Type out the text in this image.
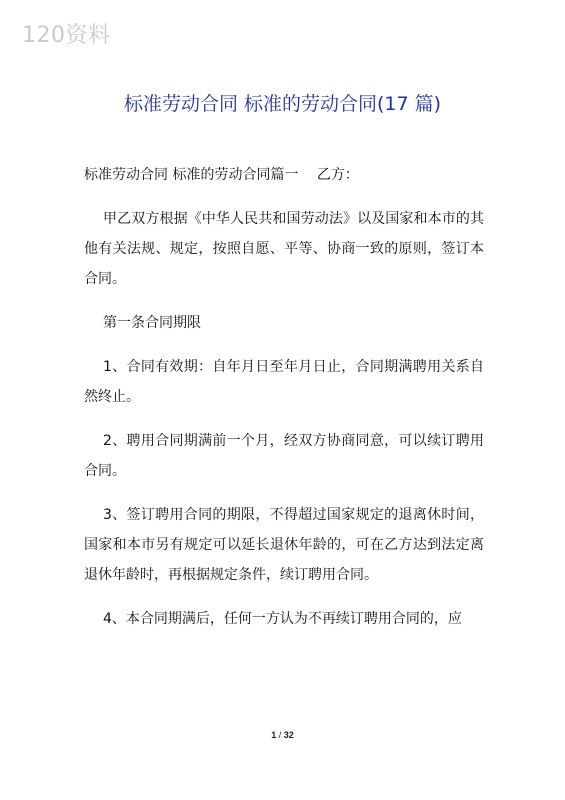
120资料
标准劳动合同 标准的劳动合同(17 篇)

标准劳动合同 标准的劳动合同篇一　 乙方：

甲乙双方根据《中华人民共和国劳动法》以及国家和本市的其他有关法规、规定，按照自愿、平等、协商一致的原则，签订本合同。

第一条合同期限

1、合同有效期：自年月日至年月日止，合同期满聘用关系自然终止。

2、聘用合同期满前一个月，经双方协商同意，可以续订聘用合同。

3、签订聘用合同的期限，不得超过国家规定的退离休时间，国家和本市另有规定可以延长退休年龄的，可在乙方达到法定离退休年龄时，再根据规定条件，续订聘用合同。

4、本合同期满后，任何一方认为不再续订聘用合同的，应

1 / 32
